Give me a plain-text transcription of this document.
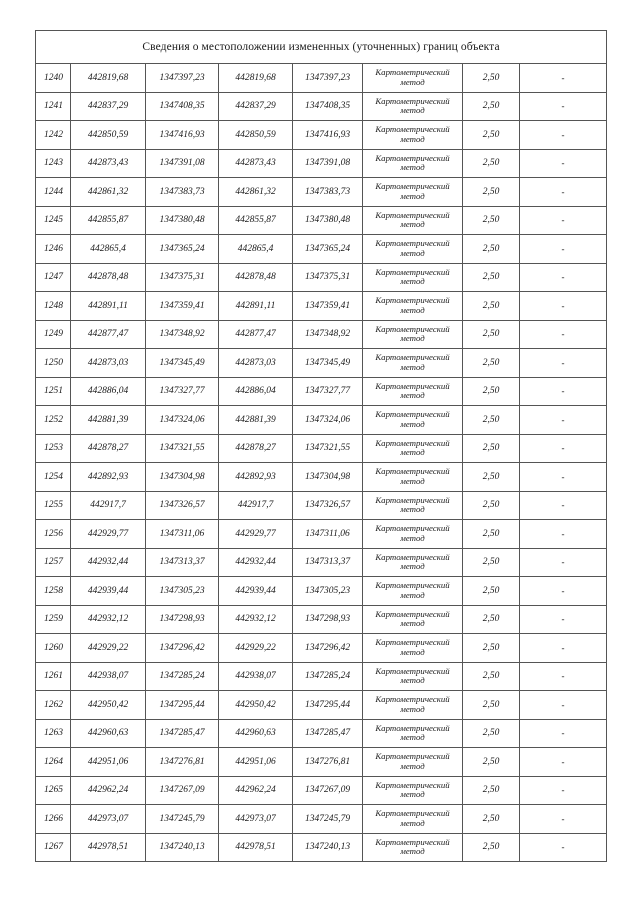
Сведения о местоположении измененных (уточненных) границ объекта							
1240	442819,68	1347397,23	442819,68	1347397,23	Картометрический метод	2,50	-
1241	442837,29	1347408,35	442837,29	1347408,35	Картометрический метод	2,50	-
1242	442850,59	1347416,93	442850,59	1347416,93	Картометрический метод	2,50	-
1243	442873,43	1347391,08	442873,43	1347391,08	Картометрический метод	2,50	-
1244	442861,32	1347383,73	442861,32	1347383,73	Картометрический метод	2,50	-
1245	442855,87	1347380,48	442855,87	1347380,48	Картометрический метод	2,50	-
1246	442865,4	1347365,24	442865,4	1347365,24	Картометрический метод	2,50	-
1247	442878,48	1347375,31	442878,48	1347375,31	Картометрический метод	2,50	-
1248	442891,11	1347359,41	442891,11	1347359,41	Картометрический метод	2,50	-
1249	442877,47	1347348,92	442877,47	1347348,92	Картометрический метод	2,50	-
1250	442873,03	1347345,49	442873,03	1347345,49	Картометрический метод	2,50	-
1251	442886,04	1347327,77	442886,04	1347327,77	Картометрический метод	2,50	-
1252	442881,39	1347324,06	442881,39	1347324,06	Картометрический метод	2,50	-
1253	442878,27	1347321,55	442878,27	1347321,55	Картометрический метод	2,50	-
1254	442892,93	1347304,98	442892,93	1347304,98	Картометрический метод	2,50	-
1255	442917,7	1347326,57	442917,7	1347326,57	Картометрический метод	2,50	-
1256	442929,77	1347311,06	442929,77	1347311,06	Картометрический метод	2,50	-
1257	442932,44	1347313,37	442932,44	1347313,37	Картометрический метод	2,50	-
1258	442939,44	1347305,23	442939,44	1347305,23	Картометрический метод	2,50	-
1259	442932,12	1347298,93	442932,12	1347298,93	Картометрический метод	2,50	-
1260	442929,22	1347296,42	442929,22	1347296,42	Картометрический метод	2,50	-
1261	442938,07	1347285,24	442938,07	1347285,24	Картометрический метод	2,50	-
1262	442950,42	1347295,44	442950,42	1347295,44	Картометрический метод	2,50	-
1263	442960,63	1347285,47	442960,63	1347285,47	Картометрический метод	2,50	-
1264	442951,06	1347276,81	442951,06	1347276,81	Картометрический метод	2,50	-
1265	442962,24	1347267,09	442962,24	1347267,09	Картометрический метод	2,50	-
1266	442973,07	1347245,79	442973,07	1347245,79	Картометрический метод	2,50	-
1267	442978,51	1347240,13	442978,51	1347240,13	Картометрический метод	2,50	-
